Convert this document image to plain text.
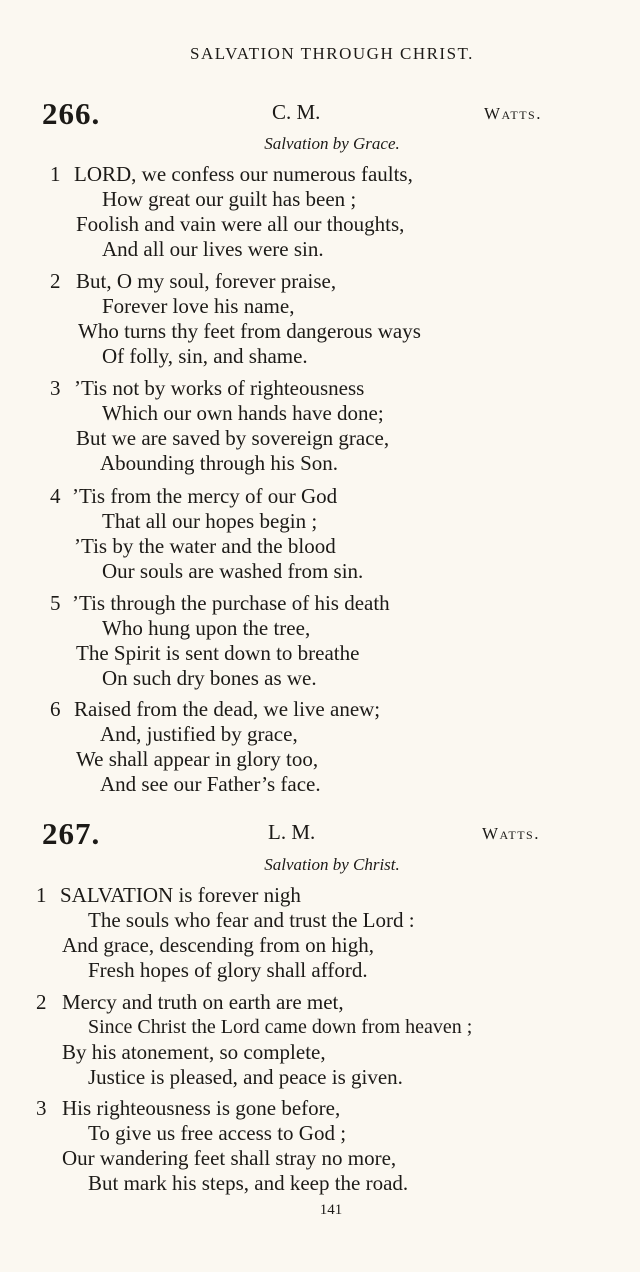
SALVATION THROUGH CHRIST.
266.	C. M.	Watts.
Salvation by Grace.
1 LORD, we confess our numerous faults,
How great our guilt has been ;
Foolish and vain were all our thoughts,
And all our lives were sin.
2 But, O my soul, forever praise,
Forever love his name,
Who turns thy feet from dangerous ways
Of folly, sin, and shame.
3 ’Tis not by works of righteousness
Which our own hands have done;
But we are saved by sovereign grace,
Abounding through his Son.
4 ’Tis from the mercy of our God
That all our hopes begin ;
’Tis by the water and the blood
Our souls are washed from sin.
5 ’Tis through the purchase of his death
Who hung upon the tree,
The Spirit is sent down to breathe
On such dry bones as we.
6 Raised from the dead, we live anew;
And, justified by grace,
We shall appear in glory too,
And see our Father’s face.
267.	L. M.	Watts.
Salvation by Christ.
1 SALVATION is forever nigh
The souls who fear and trust the Lord :
And grace, descending from on high,
Fresh hopes of glory shall afford.
2 Mercy and truth on earth are met,
Since Christ the Lord came down from heaven ;
By his atonement, so complete,
Justice is pleased, and peace is given.
3 His righteousness is gone before,
To give us free access to God ;
Our wandering feet shall stray no more,
But mark his steps, and keep the road.
141
